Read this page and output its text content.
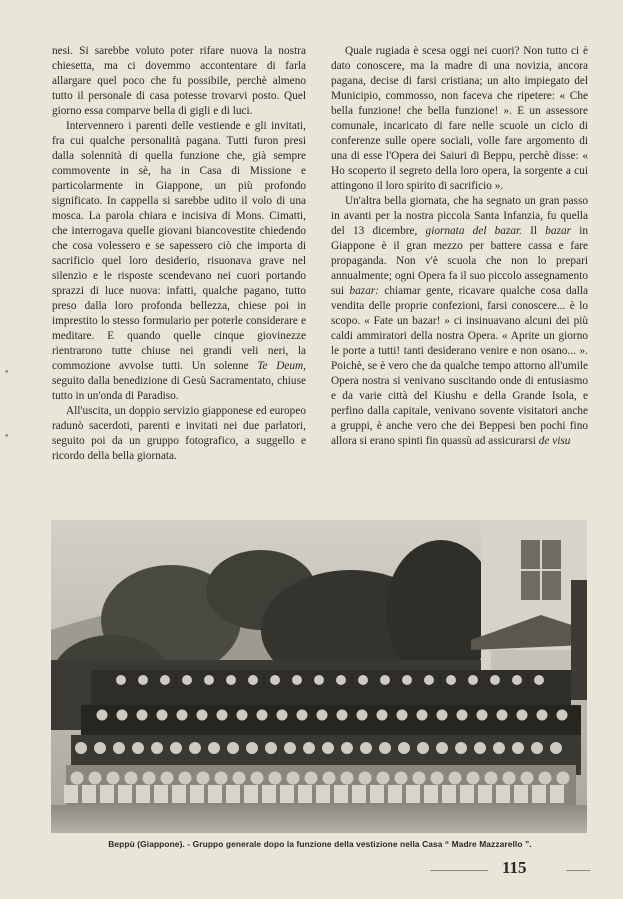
nesi. Si sarebbe voluto poter rifare nuova la nostra chiesetta, ma ci dovemmo accontentare di farla allargare quel poco che fu possibile, perchè almeno tutto il personale di casa potesse trovarvi posto. Quel giorno essa comparve bella di gigli e di luci.

Intervennero i parenti delle vestiende e gli invitati, fra cui qualche personalità pagana. Tutti furon presi dalla solennità di quella funzione che, già sempre commovente in sè, ha in Casa di Missione e particolarmente in Giappone, un più profondo significato. In cappella si sarebbe udito il volo di una mosca. La parola chiara e incisiva di Mons. Cimatti, che interrogava quelle giovani biancovestite chiedendo che cosa volessero e se sapessero ciò che importa di sacrificio quel loro desiderio, risuonava grave nel silenzio e le risposte scendevano nei cuori portando sprazzi di luce nuova: infatti, qualche pagano, tutto preso dalla loro profonda bellezza, chiese poi in imprestito lo stesso formulario per poterle considerare e meditare. E quando quelle cinque giovinezze rientrarono tutte chiuse nei grandi veli neri, la commozione avvolse tutti. Un solenne Te Deum, seguito dalla benedizione di Gesù Sacramentato, chiuse tutto in un'onda di Paradiso.

All'uscita, un doppio servizio giapponese ed europeo radunò sacerdoti, parenti e invitati nei due parlatori, seguito poi da un gruppo fotografico, a suggello e ricordo della bella giornata.

Quale rugiada è scesa oggi nei cuori? Non tutto ci è dato conoscere, ma la madre di una novizia, ancora pagana, decise di farsi cristiana; un alto impiegato del Municipio, commosso, non faceva che ripetere: « Che bella funzione! che bella funzione! ». E un assessore comunale, incaricato di fare nelle scuole un ciclo di conferenze sulle opere sociali, volle fare argomento di una di esse l'Opera dei Saiuri di Beppu, perchè disse: « Ho scoperto il segreto della loro opera, la sorgente a cui attingono il loro spirito di sacrificio ».

Un'altra bella giornata, che ha segnato un gran passo in avanti per la nostra piccola Santa Infanzia, fu quella del 13 dicembre, giornata del bazar. Il bazar in Giappone è il gran mezzo per battere cassa e fare propaganda. Non v'è scuola che non lo prepari annualmente; ogni Opera fa il suo piccolo assegnamento sui bazar: chiamar gente, ricavare qualche cosa dalla vendita delle proprie confezioni, farsi conoscere... è lo scopo. « Fate un bazar! » ci insinuavano alcuni dei più caldi ammiratori della nostra Opera. « Aprite un giorno le porte a tutti! tanti desiderano venire e non osano... ». Poichè, se è vero che da qualche tempo attorno all'umile Opera nostra si venivano suscitando onde di entusiasmo e da varie città del Kiushu e della Grande Isola, e perfino dalla capitale, venivano sovente visitatori anche a gruppi, è anche vero che dei Beppesi ben pochi fino allora si erano spinti fin quassù ad assicurarsi de visu

Beppù (Giappone). - Gruppo generale dopo la funzione della vestizione nella Casa “ Madre Mazzarello ”.
115
•
•
